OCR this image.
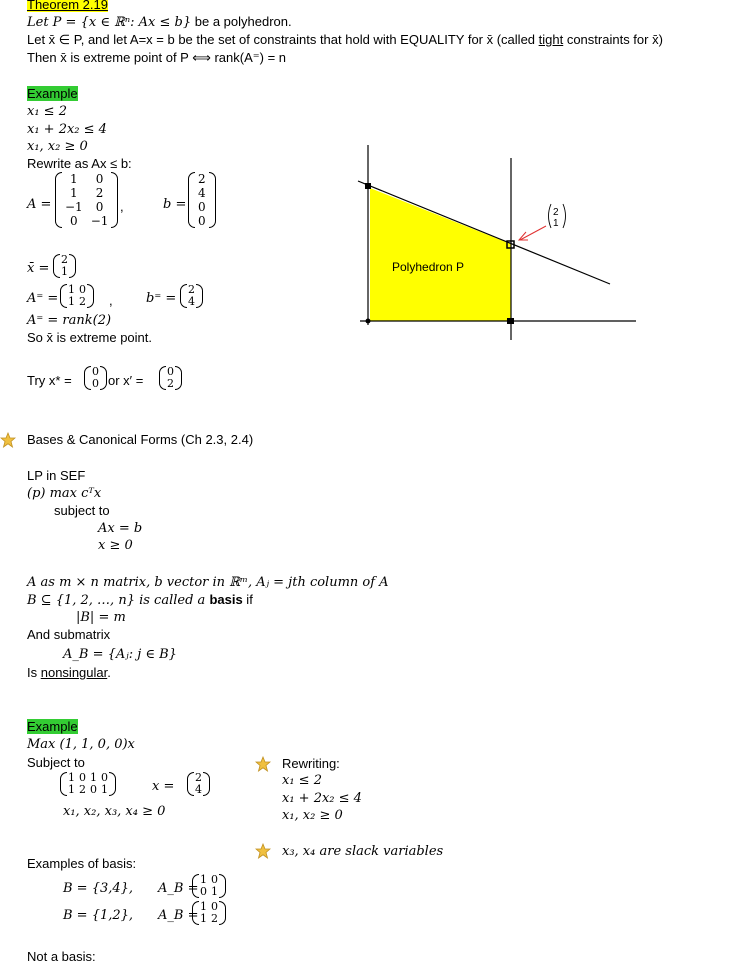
Theorem 2.19
Let P = {x ∈ ℝⁿ: Ax ≤ b} be a polyhedron.
Let x̄ ∈ P, and let A=x = b be the set of constraints that hold with EQUALITY for x̄ (called tight constraints for x̄)
Then x̄ is extreme point of P ⟺ rank(A⁼) = n
Example
x₁ ≤ 2
x₁ + 2x₂ ≤ 4
x₁, x₂ ≥ 0
Rewrite as Ax ≤ b:
A =
1	0
1	2
−1	0
0	−1
,	b =
2
4
0
0
x̄ =
2
1
A⁼ =
1	0
1	2 ,	b⁼ =
2
4
A⁼ = rank(2)
So x̄ is extreme point.
Try x* =
0
0 or x′ =
0
2
Polyhedron P
2
1
Bases & Canonical Forms (Ch 2.3, 2.4)
LP in SEF
(p) max cᵀx
subject to
Ax = b
x ≥ 0
A as m × n matrix, b vector in ℝᵐ, Aⱼ = jth column of A
B ⊆ {1, 2, …, n} is called a basis if
|B| = m
And submatrix
A_B = {Aⱼ: j ∈ B}
Is nonsingular.
Example
Max (1, 1, 0, 0)x
Subject to
1	0	1	0
1	2	0	1	x =
2
4
x₁, x₂, x₃, x₄ ≥ 0
Rewriting:
x₁ ≤ 2
x₁ + 2x₂ ≤ 4
x₁, x₂ ≥ 0
x₃, x₄ are slack variables
Examples of basis:
B = {3,4}, A_B =
1	0
0	1
B = {1,2}, A_B =
1	0
1	2
Not a basis:
